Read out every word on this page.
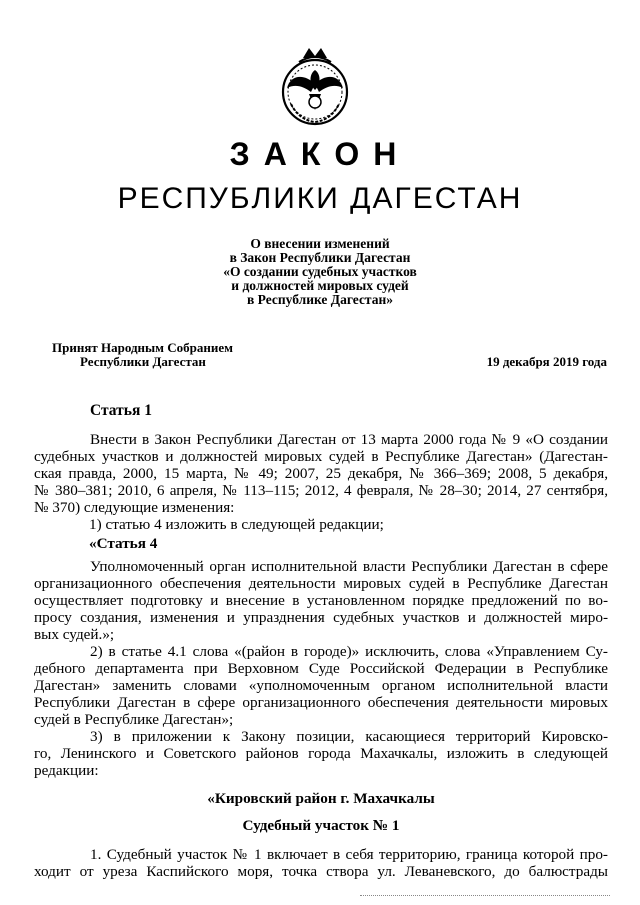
ЗАКОН
РЕСПУБЛИКИ ДАГЕСТАН
О внесении изменений
в Закон Республики Дагестан
«О создании судебных участков
и должностей мировых судей
в Республике Дагестан»
Принят Народным Собранием
Республики Дагестан	19 декабря 2019 года
Статья 1
Внести в Закон Республики Дагестан от 13 марта 2000 года № 9 «О создании
судебных участков и должностей мировых судей в Республике Дагестан» (Дагестан-
ская правда, 2000, 15 марта, № 49; 2007, 25 декабря, № 366–369; 2008, 5 декабря,
№ 380–381; 2010, 6 апреля, № 113–115; 2012, 4 февраля, № 28–30; 2014, 27 сентября,
№ 370) следующие изменения:
1) статью 4 изложить в следующей редакции;
«Статья 4
Уполномоченный орган исполнительной власти Республики Дагестан в сфере
организационного обеспечения деятельности мировых судей в Республике Дагестан
осуществляет подготовку и внесение в установленном порядке предложений по во-
просу создания, изменения и упразднения судебных участков и должностей миро-
вых судей.»;
2) в статье 4.1 слова «(район в городе)» исключить, слова «Управлением Су-
дебного департамента при Верховном Суде Российской Федерации в Республике
Дагестан» заменить словами «уполномоченным органом исполнительной власти
Республики Дагестан в сфере организационного обеспечения деятельности мировых
судей в Республике Дагестан»;
3) в приложении к Закону позиции, касающиеся территорий Кировско-
го, Ленинского и Советского районов города Махачкалы, изложить в следующей
редакции:
«Кировский район г. Махачкалы
Судебный участок № 1
1. Судебный участок № 1 включает в себя территорию, граница которой про-
ходит от уреза Каспийского моря, точка створа ул. Леваневского, до балюстрады
